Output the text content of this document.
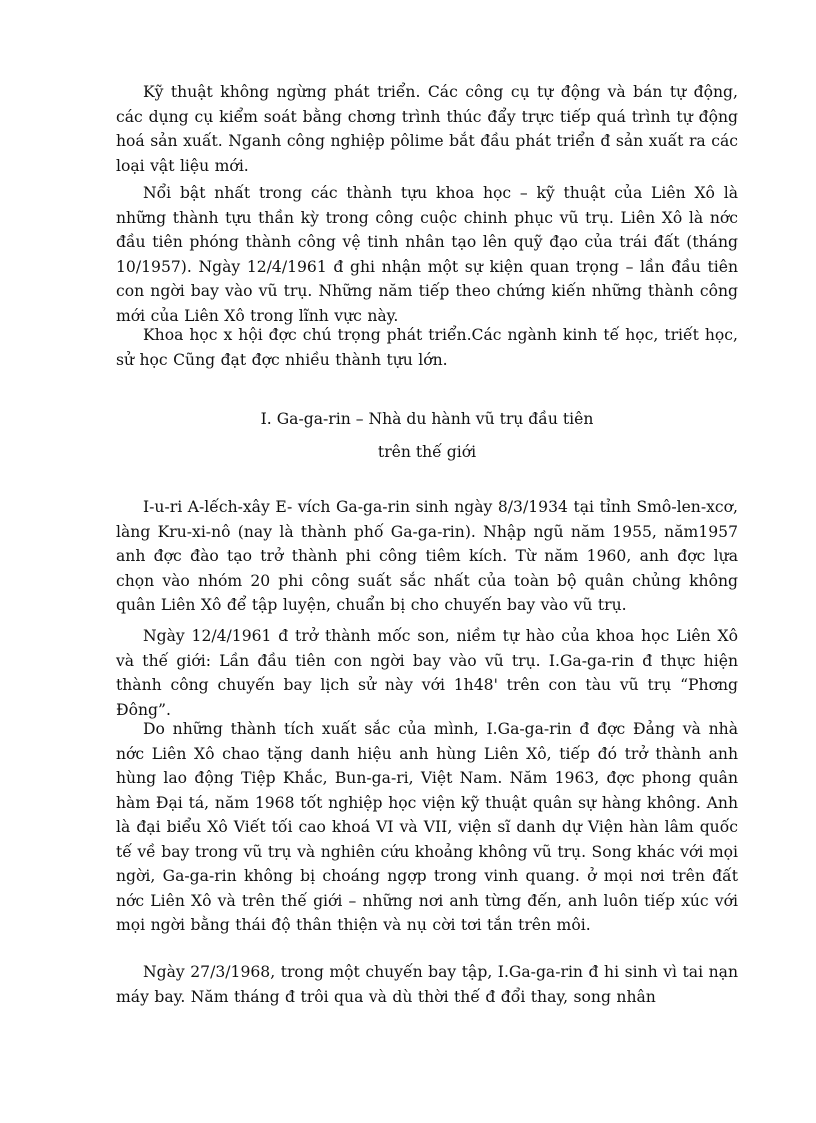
Kỹ thuật không ngừng phát triển. Các công cụ tự động và bán tự động, các dụng cụ kiểm soát bằng chơng trình thúc đẩy trực tiếp quá trình tự động hoá sản xuất. Nganh công nghiệp pôlime bắt đầu phát triển đ sản xuất ra các loại vật liệu mới.

Nổi bật nhất trong các thành tựu khoa học – kỹ thuật của Liên Xô là những thành tựu thần kỳ trong công cuộc chinh phục vũ trụ. Liên Xô là nớc đầu tiên phóng thành công vệ tinh nhân tạo lên quỹ đạo của trái đất (tháng 10/1957). Ngày 12/4/1961 đ ghi nhận một sự kiện quan trọng – lần đầu tiên con ngời bay vào vũ trụ. Những năm tiếp theo chứng kiến những thành công mới của Liên Xô trong lĩnh vực này.

Khoa học x hội đợc chú trọng phát triển.Các ngành kinh tế học, triết học, sử học Cũng đạt đợc nhiều thành tựu lớn.

I. Ga-ga-rin – Nhà du hành vũ trụ đầu tiên
trên thế giới

I-u-ri A-lếch-xây E- vích Ga-ga-rin sinh ngày 8/3/1934 tại tỉnh Smô-len-xcơ, làng Kru-xi-nô (nay là thành phố Ga-ga-rin). Nhập ngũ năm 1955, năm1957 anh đợc đào tạo trở thành phi công tiêm kích. Từ năm 1960, anh đợc lựa chọn vào nhóm 20 phi công suất sắc nhất của toàn bộ quân chủng không quân Liên Xô để tập luyện, chuẩn bị cho chuyến bay vào vũ trụ.

Ngày 12/4/1961 đ trở thành mốc son, niềm tự hào của khoa học Liên Xô và thế giới: Lần đầu tiên con ngời bay vào vũ trụ. I.Ga-ga-rin đ thực hiện thành công chuyến bay lịch sử này với 1h48' trên con tàu vũ trụ “Phơng Đông”.

Do những thành tích xuất sắc của mình, I.Ga-ga-rin đ đợc Đảng và nhà nớc Liên Xô chao tặng danh hiệu anh hùng Liên Xô, tiếp đó trở thành anh hùng lao động Tiệp Khắc, Bun-ga-ri, Việt Nam. Năm 1963, đợc phong quân hàm Đại tá, năm 1968 tốt nghiệp học viện kỹ thuật quân sự hàng không. Anh là đại biểu Xô Viết tối cao khoá VI và VII, viện sĩ danh dự Viện hàn lâm quốc tế về bay trong vũ trụ và nghiên cứu khoảng không vũ trụ. Song khác với mọi ngời, Ga-ga-rin không bị choáng ngợp trong vinh quang. ở mọi nơi trên đất nớc Liên Xô và trên thế giới – những nơi anh từng đến, anh luôn tiếp xúc với mọi ngời bằng thái độ thân thiện và nụ cời tơi tắn trên môi.

Ngày 27/3/1968, trong một chuyến bay tập, I.Ga-ga-rin đ hi sinh vì tai nạn máy bay. Năm tháng đ trôi qua và dù thời thế đ đổi thay, song nhân
